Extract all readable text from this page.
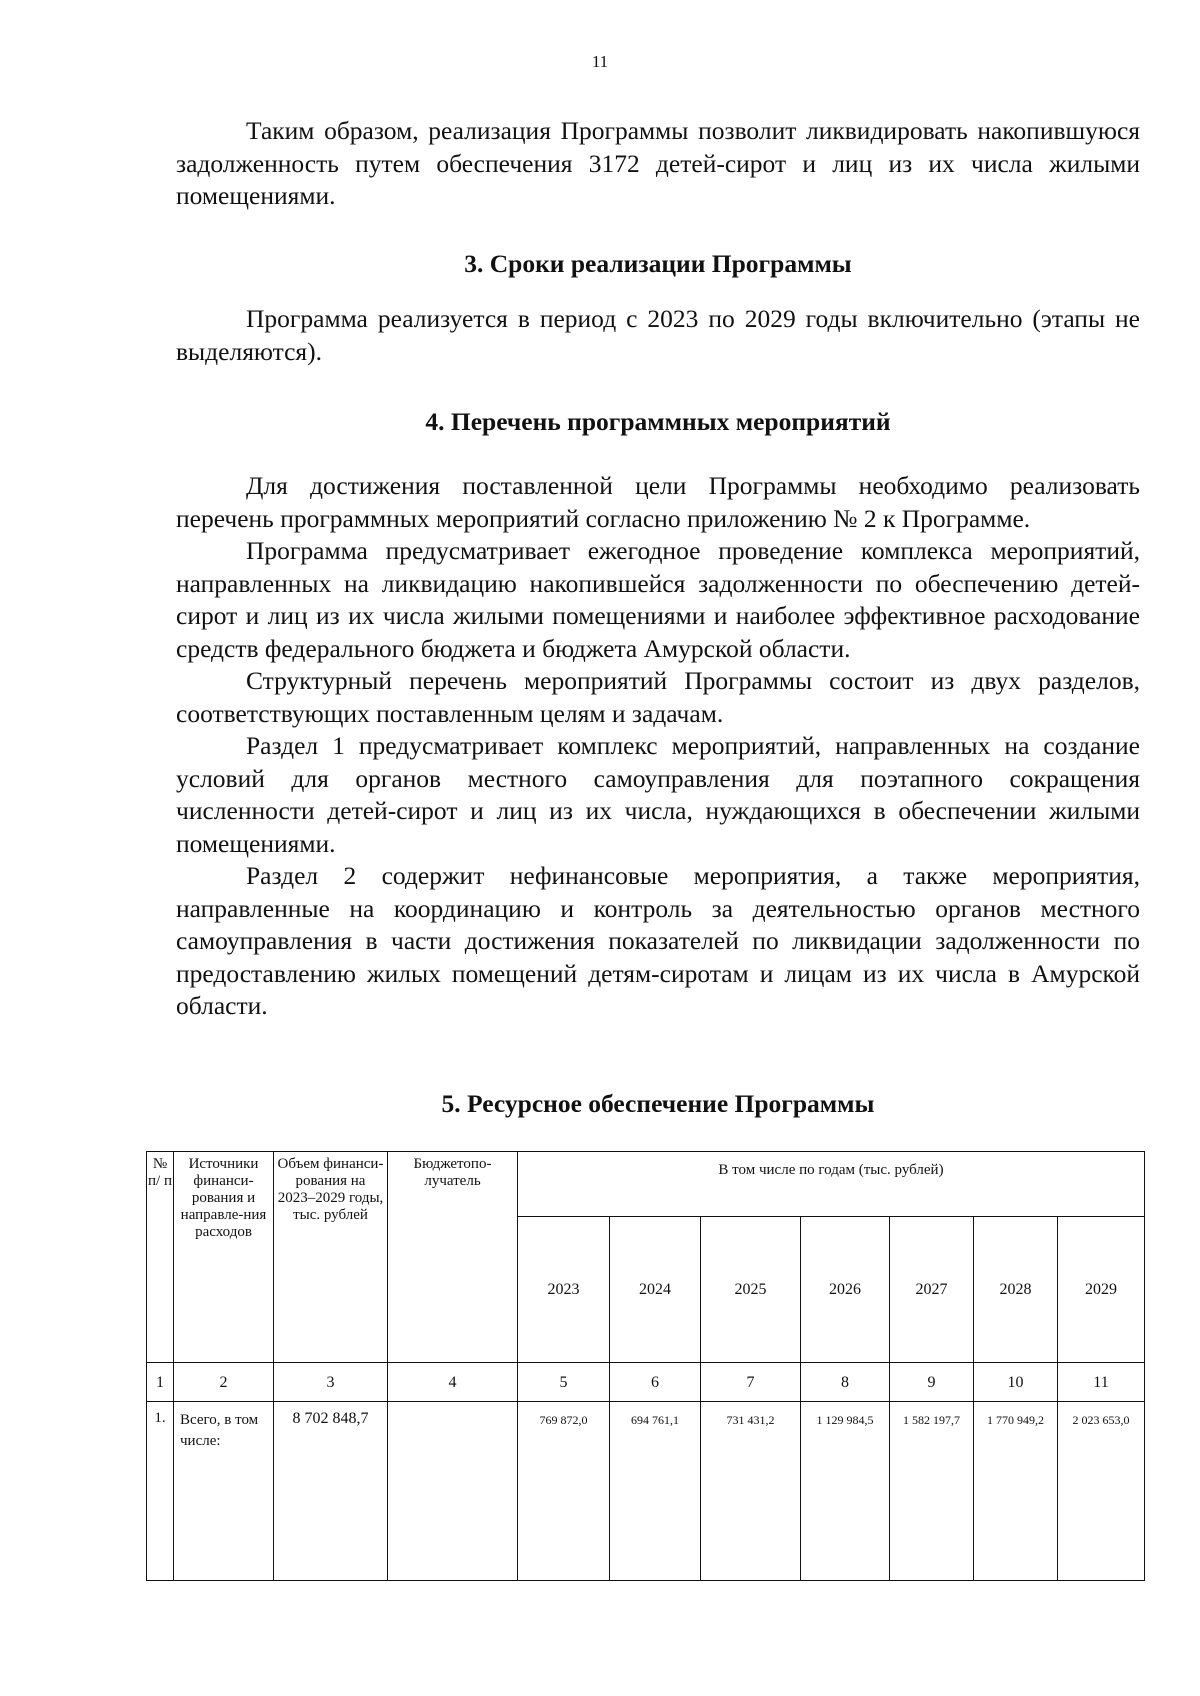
11

Таким образом, реализация Программы позволит ликвидировать накопившуюся задолженность путем обеспечения 3172 детей-сирот и лиц из их числа жилыми помещениями.

3. Сроки реализации Программы

Программа реализуется в период с 2023 по 2029 годы включительно (этапы не выделяются).

4. Перечень программных мероприятий

Для достижения поставленной цели Программы необходимо реализовать перечень программных мероприятий согласно приложению № 2 к Программе.

Программа предусматривает ежегодное проведение комплекса мероприятий, направленных на ликвидацию накопившейся задолженности по обеспечению детей-сирот и лиц из их числа жилыми помещениями и наиболее эффективное расходование средств федерального бюджета и бюджета Амурской области.

Структурный перечень мероприятий Программы состоит из двух разделов, соответствующих поставленным целям и задачам.

Раздел 1 предусматривает комплекс мероприятий, направленных на создание условий для органов местного самоуправления для поэтапного сокращения численности детей-сирот и лиц из их числа, нуждающихся в обеспечении жилыми помещениями.

Раздел 2 содержит нефинансовые мероприятия, а также мероприятия, направленные на координацию и контроль за деятельностью органов местного самоуправления в части достижения показателей по ликвидации задолженности по предоставлению жилых помещений детям-сиротам и лицам из их числа в Амурской области.

5. Ресурсное обеспечение Программы
№ п/ п	Источники финанси-рования и направле-ния расходов	Объем финанси-рования на 2023–2029 годы, тыс. рублей	Бюджетопо-лучатель	В том числе по годам (тыс. рублей)						
				2023	2024	2025	2026	2027	2028	2029
1	2	3	4	5	6	7	8	9	10	11
1.	Всего, в том числе:	8 702 848,7		769 872,0	694 761,1	731 431,2	1 129 984,5	1 582 197,7	1 770 949,2	2 023 653,0
